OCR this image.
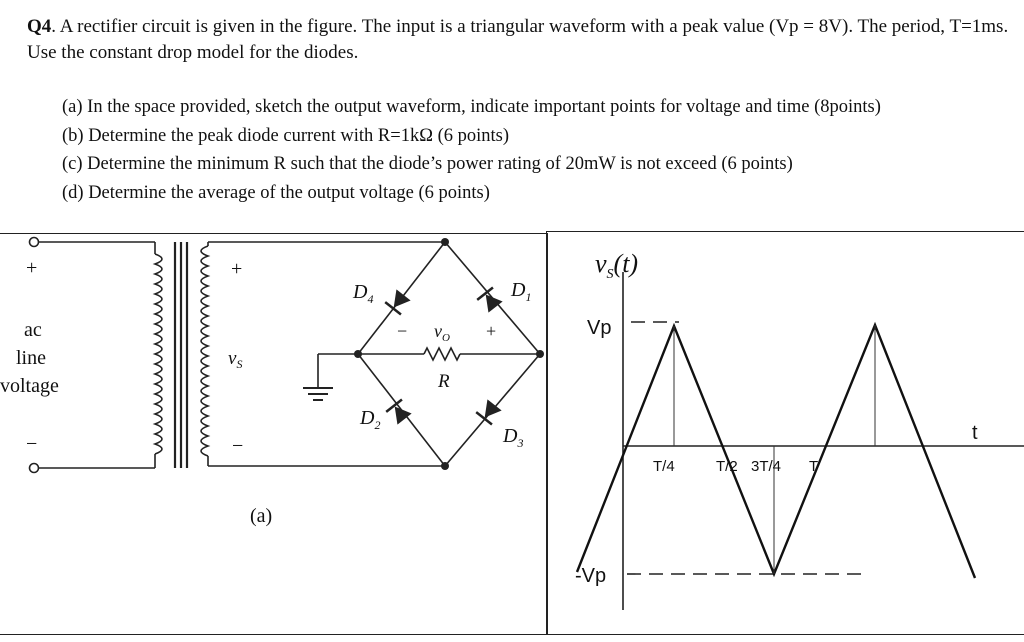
Q4. A rectifier circuit is given in the figure. The input is a triangular waveform with a peak value (Vp = 8V). The period, T=1ms. Use the constant drop model for the diodes.
(a) In the space provided, sketch the output waveform, indicate important points for voltage and time (8points)
(b) Determine the peak diode current with R=1kΩ (6 points)
(c) Determine the minimum R such that the diode’s power rating of 20mW is not exceed (6 points)
(d) Determine the average of the output voltage (6 points)
+
−
ac
line
voltage
+
−
$v_S$
$D_4$	$D_1$
$D_2$	$D_3$
− $v_O$ +
R
(a)
$v_S(t)$
Vp
-Vp
t
T/4	T/2 3T/4 T
